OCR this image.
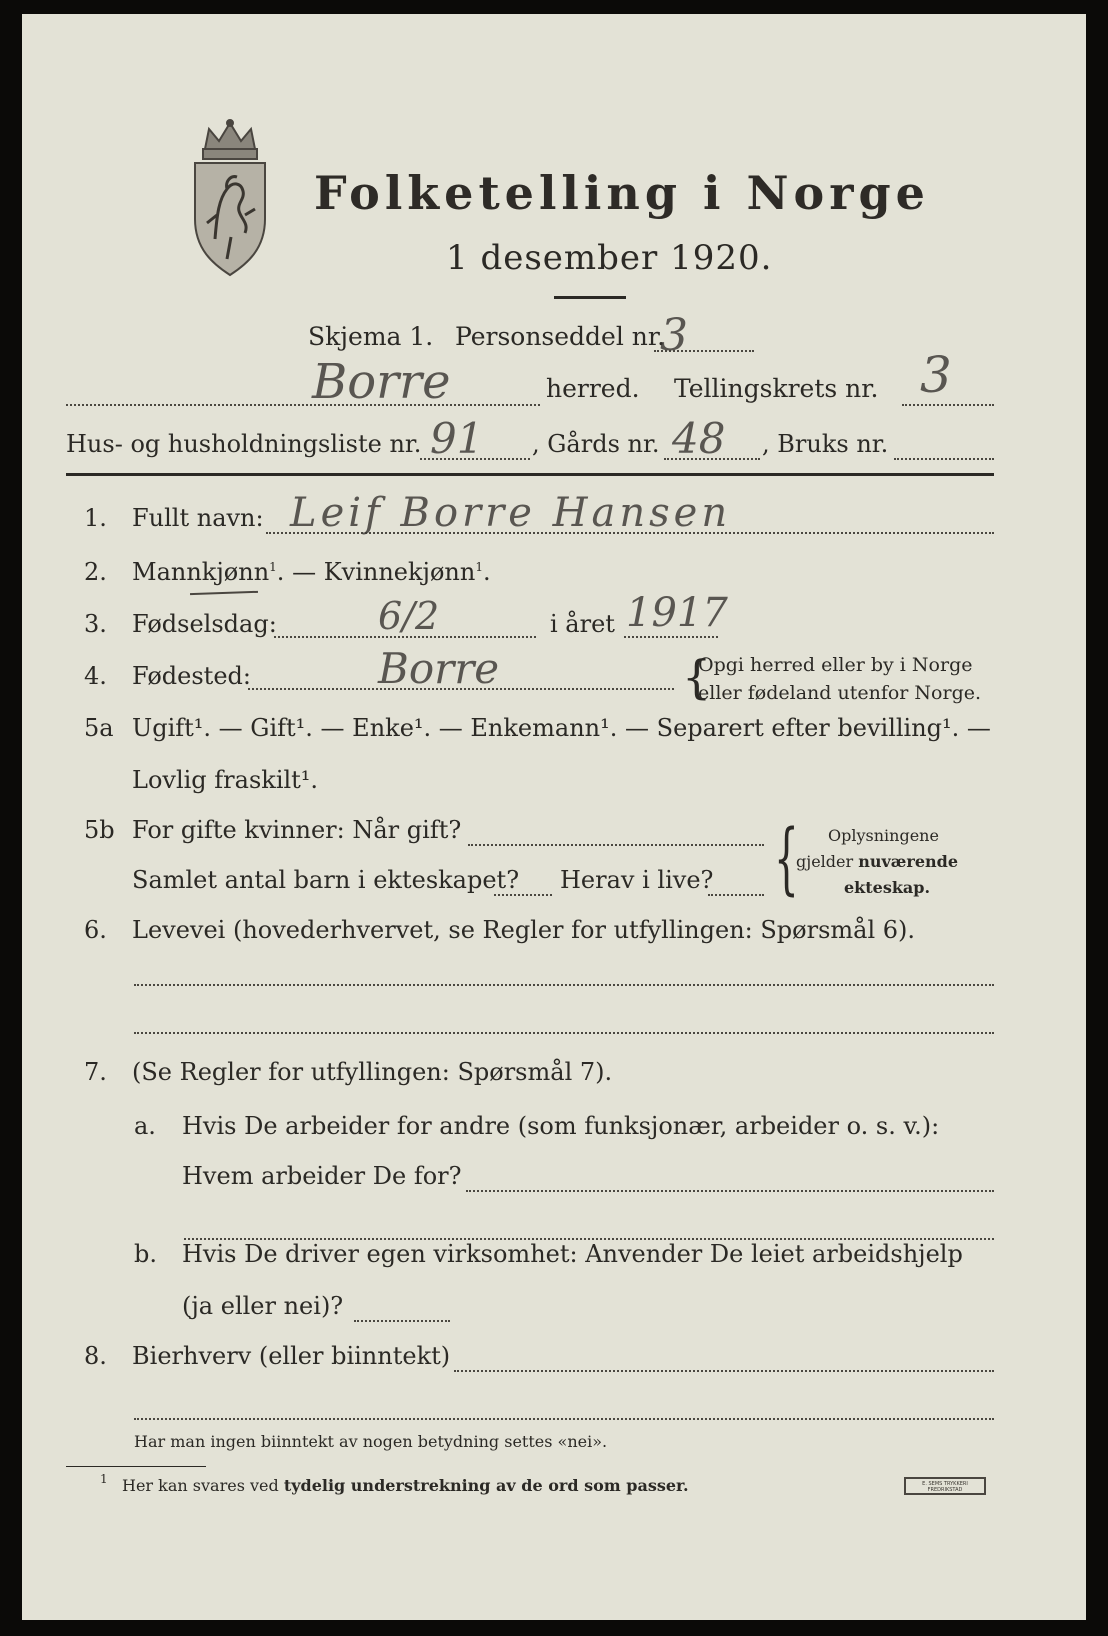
Folketelling i Norge
1 desember 1920.
Skjema 1. Personseddel nr.
3
Borre	herred. Tellingskrets nr. 3
Hus- og husholdningsliste nr. 91 , Gårds nr. 48 , Bruks nr.
1. Fullt navn: Leif Borre Hansen
2. Mannkjønn$^1$. — Kvinnekjønn$^1$.
3. Fødselsdag:	6/2	i året 1917
4. Fødested:	Borre	{
Opgi herred eller by i Norge
eller fødeland utenfor Norge.
5a Ugift¹. — Gift¹. — Enke¹. — Enkemann¹. — Separert efter bevilling¹. —
Lovlig fraskilt¹.
5b For gifte kvinner: Når gift?
Samlet antal barn i ekteskapet? Herav i live? { Oplysningene
gjelder nuværende
ekteskap.
6. Levevei (hovederhvervet, se Regler for utfyllingen: Spørsmål 6).
7. (Se Regler for utfyllingen: Spørsmål 7).
a. Hvis De arbeider for andre (som funksjonær, arbeider o. s. v.):
Hvem arbeider De for?
b. Hvis De driver egen virksomhet: Anvender De leiet arbeidshjelp
(ja eller nei)?
8. Bierhverv (eller biinntekt)
Har man ingen biinntekt av nogen betydning settes «nei».
1 Her kan svares ved tydelig understrekning av de ord som passer.	E. SEMS TRYKKERI FREDRIKSTAD
